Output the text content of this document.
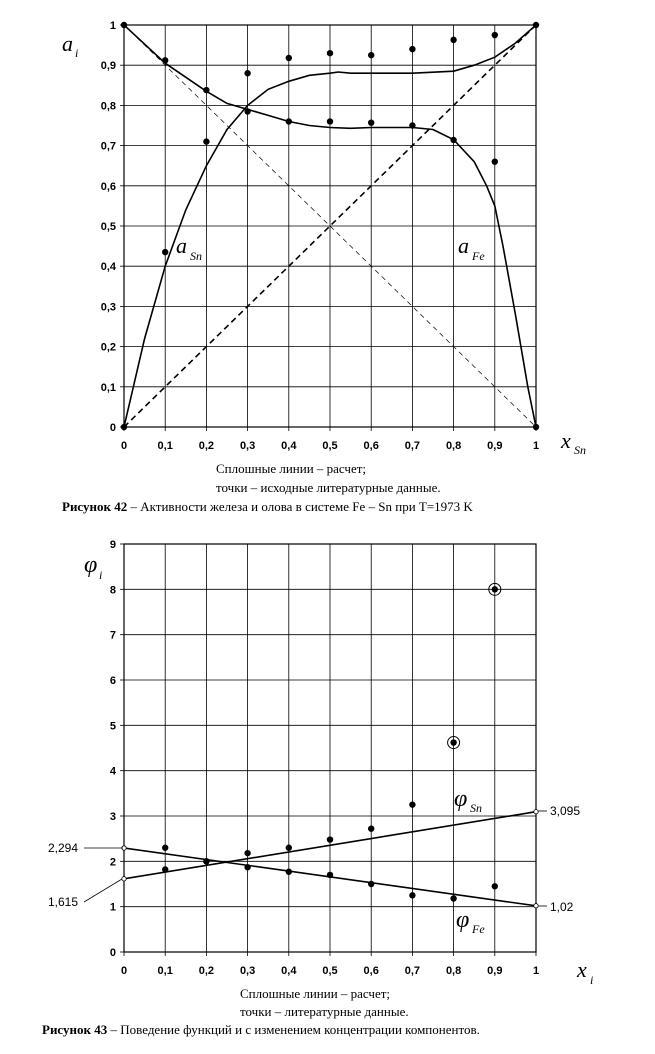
0	0,1 0,2 0,3 0,4 0,5 0,6 0,7 0,8 0,9	1
0
0,1
0,2
0,3
0,4
0,5
0,6
0,7
0,8
0,9
1
a i
x Sn
a Sn	a Fe
0	0,1 0,2 0,3 0,4 0,5 0,6 0,7 0,8 0,9	1
0
1
2
3
4
5
6
7
8
9
φ i
x i
φ Sn
φ Fe
2,294
1,615
3,095
1,02
Сплошные линии – расчет;
точки – исходные литературные данные.
Рисунок 42 – Активности железа и олова в системе Fe – Sn при T=1973 K
Сплошные линии – расчет;
точки – литературные данные.
Рисунок 43 – Поведение функций и с изменением концентрации компонентов.
